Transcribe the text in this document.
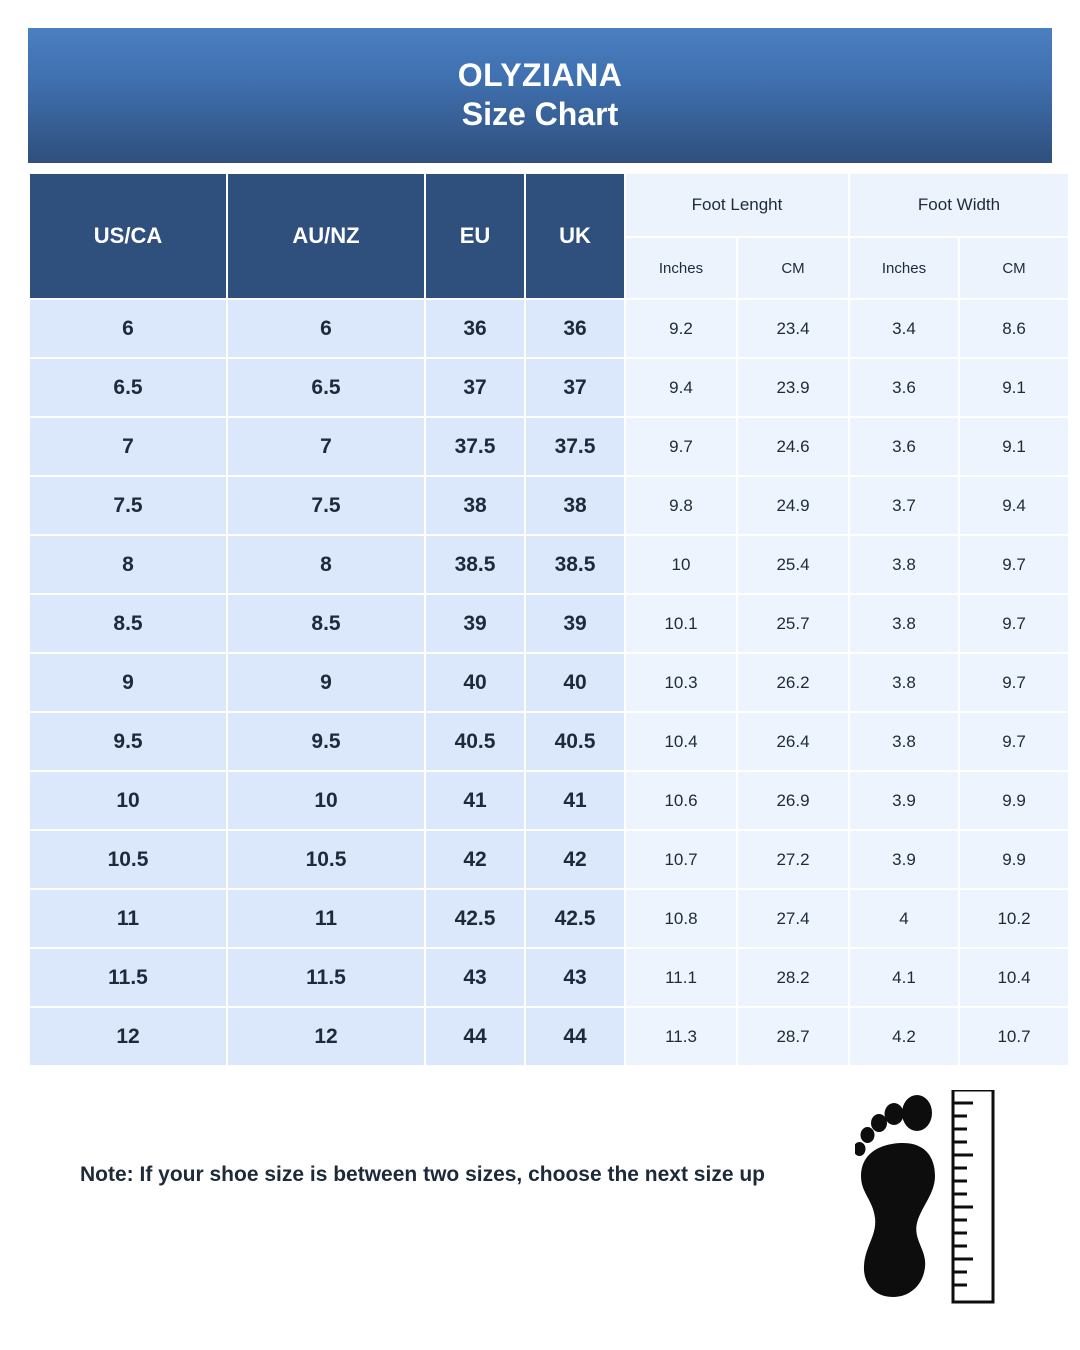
OLYZIANA
Size Chart
US/CA	AU/NZ	EU	UK	Foot Lenght		Foot Width	
				Inches	CM	Inches	CM
6	6	36	36	9.2	23.4	3.4	8.6
6.5	6.5	37	37	9.4	23.9	3.6	9.1
7	7	37.5	37.5	9.7	24.6	3.6	9.1
7.5	7.5	38	38	9.8	24.9	3.7	9.4
8	8	38.5	38.5	10	25.4	3.8	9.7
8.5	8.5	39	39	10.1	25.7	3.8	9.7
9	9	40	40	10.3	26.2	3.8	9.7
9.5	9.5	40.5	40.5	10.4	26.4	3.8	9.7
10	10	41	41	10.6	26.9	3.9	9.9
10.5	10.5	42	42	10.7	27.2	3.9	9.9
11	11	42.5	42.5	10.8	27.4	4	10.2
11.5	11.5	43	43	11.1	28.2	4.1	10.4
12	12	44	44	11.3	28.7	4.2	10.7
Note: If your shoe size is between two sizes, choose the next size up
